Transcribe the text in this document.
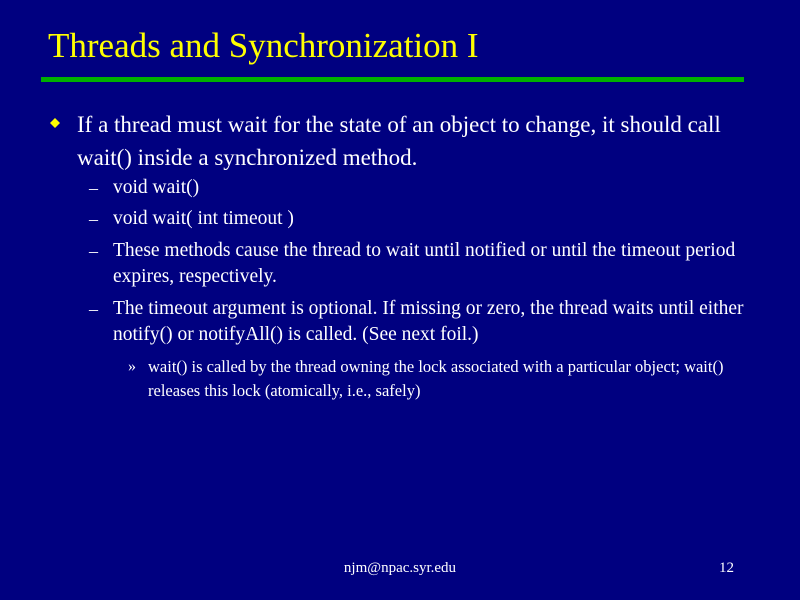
Threads and Synchronization I
If a thread must wait for the state of an object to change, it should call wait() inside a synchronized method.
– void wait()
– void wait( int timeout )
– These methods cause the thread to wait until notified or until the timeout period expires, respectively.
– The timeout argument is optional. If missing or zero, the thread waits until either notify() or notifyAll() is called. (See next foil.)
» wait() is called by the thread owning the lock associated with a particular object; wait() releases this lock (atomically, i.e., safely)
njm@npac.syr.edu	12
